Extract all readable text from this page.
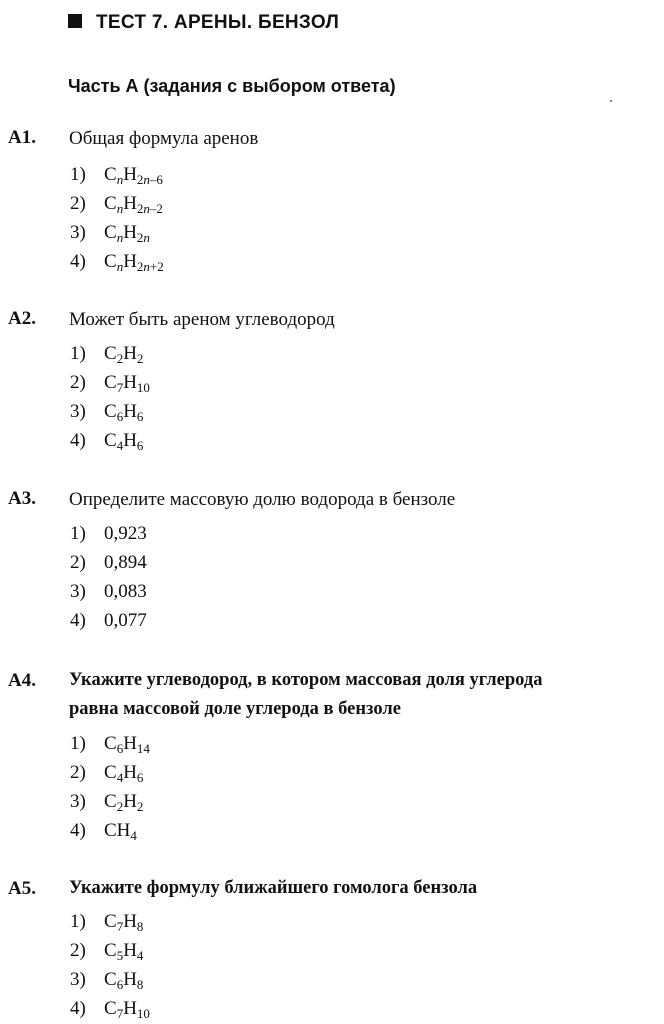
ТЕСТ 7. АРЕНЫ. БЕНЗОЛ
Часть А (задания с выбором ответа)
А1. Общая формула аренов
1) $C_nH_{2n-6}$
2) $C_nH_{2n-2}$
3) $C_nH_{2n}$
4) $C_nH_{2n+2}$
А2. Может быть ареном углеводород
1) $C_2H_2$
2) $C_7H_{10}$
3) $C_6H_6$
4) $C_4H_6$
А3. Определите массовую долю водорода в бензоле
1) 0,923
2) 0,894
3) 0,083
4) 0,077
А4. Укажите углеводород, в котором массовая доля углерода
равна массовой доле углерода в бензоле
1) $C_6H_{14}$
2) $C_4H_6$
3) $C_2H_2$
4) $CH_4$
А5. Укажите формулу ближайшего гомолога бензола
1) $C_7H_8$
2) $C_5H_4$
3) $C_6H_8$
4) $C_7H_{10}$
